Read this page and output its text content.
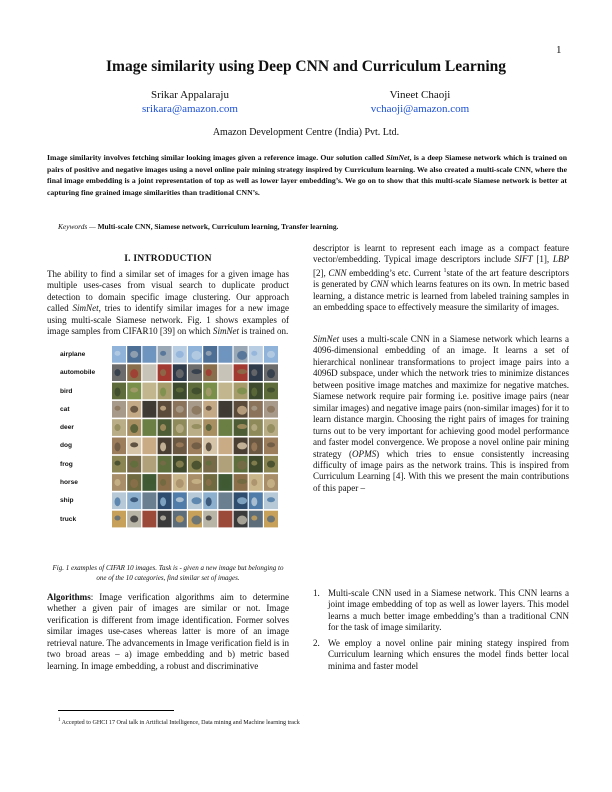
1
Image similarity using Deep CNN and Curriculum Learning
Srikar Appalaraju
srikara@amazon.com
Vineet Chaoji
vchaoji@amazon.com
Amazon Development Centre (India) Pvt. Ltd.
Image similarity involves fetching similar looking images given a reference image. Our solution called SimNet, is a deep Siamese network which is trained on pairs of positive and negative images using a novel online pair mining strategy inspired by Curriculum learning. We also created a multi-scale CNN, where the final image embedding is a joint representation of top as well as lower layer embedding’s. We go on to show that this multi-scale Siamese network is better at capturing fine grained image similarities than traditional CNN’s.
Keywords — Multi-scale CNN, Siamese network, Curriculum learning, Transfer learning.
I. INTRODUCTION

The ability to find a similar set of images for a given image has multiple uses-cases from visual search to duplicate product detection to domain specific image clustering. Our approach called SimNet, tries to identify similar images for a new image using multi-scale Siamese network. Fig. 1 shows examples of image samples from CIFAR10 [39] on which SimNet is trained on.

airplane
automobile
bird
cat
deer
dog
frog
horse
ship
truck
Fig. 1 examples of CIFAR 10 images. Task is - given a new image but belonging to one of the 10 categories, find similar set of images.

Algorithms: Image verification algorithms aim to determine whether a given pair of images are similar or not. Image verification is different from image identification. Former solves similar images use-cases whereas latter is more of an image retrieval nature. The advancements in Image verification field is in two broad areas – a) image embedding and b) metric based learning. In image embedding, a robust and discriminative

descriptor is learnt to represent each image as a compact feature vector/embedding. Typical image descriptors include SIFT [1], LBP [2], CNN embedding’s etc. Current $^1$state of the art feature descriptors is generated by CNN which learns features on its own. In metric based learning, a distance metric is learned from labeled training samples in an embedding space to effectively measure the similarity of images.

SimNet uses a multi-scale CNN in a Siamese network which learns a 4096-dimensional embedding of an image. It learns a set of hierarchical nonlinear transformations to project image pairs into a 4096D subspace, under which the network tries to minimize distances between positive image matches and maximize for negative matches. Siamese network require pair forming i.e. positive image pairs (near similar images) and negative image pairs (non-similar images) for it to learn distance margin. Choosing the right pairs of images for training turns out to be very important for achieving good model performance and faster model convergence. We propose a novel online pair mining strategy (OPMS) which tries to ensue consistently increasing difficulty of image pairs as the network trains. This is inspired from Curriculum Learning [4]. With this we present the main contributions of this paper –

1. Multi-scale CNN used in a Siamese network. This CNN learns a joint image embedding of top as well as lower layers. This model learns a much better image embedding’s than a traditional CNN for the task of image similarity.
2. We employ a novel online pair mining stategy inspired from Curriculum learning which ensures the model finds better local minima and faster model
$^1$ Accepted to GHCI 17 Oral talk in Artificial Intelligence, Data mining and Machine learning track
